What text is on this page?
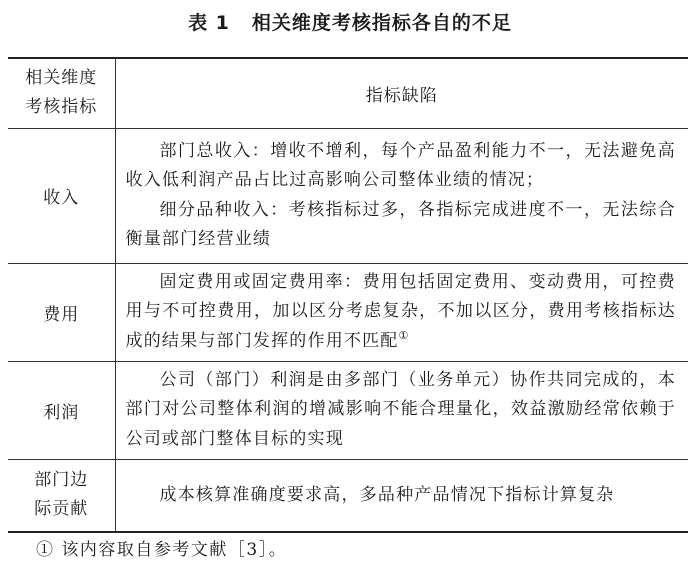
表 1 相关维度考核指标各自的不足
相关维度
考核指标	指标缺陷
收入	部门总收入：增收不增利，每个产品盈利能力不一，无法避免高收入低利润产品占比过高影响公司整体业绩的情况；

细分品种收入：考核指标过多，各指标完成进度不一，无法综合衡量部门经营业绩

费用	固定费用或固定费用率：费用包括固定费用、变动费用，可控费用与不可控费用，加以区分考虑复杂，不加以区分，费用考核指标达成的结果与部门发挥的作用不匹配①

利润	公司（部门）利润是由多部门（业务单元）协作共同完成的，本部门对公司整体利润的增减影响不能合理量化，效益激励经常依赖于公司或部门整体目标的实现

部门边
际贡献	成本核算准确度要求高，多品种产品情况下指标计算复杂

① 该内容取自参考文献［3］。
